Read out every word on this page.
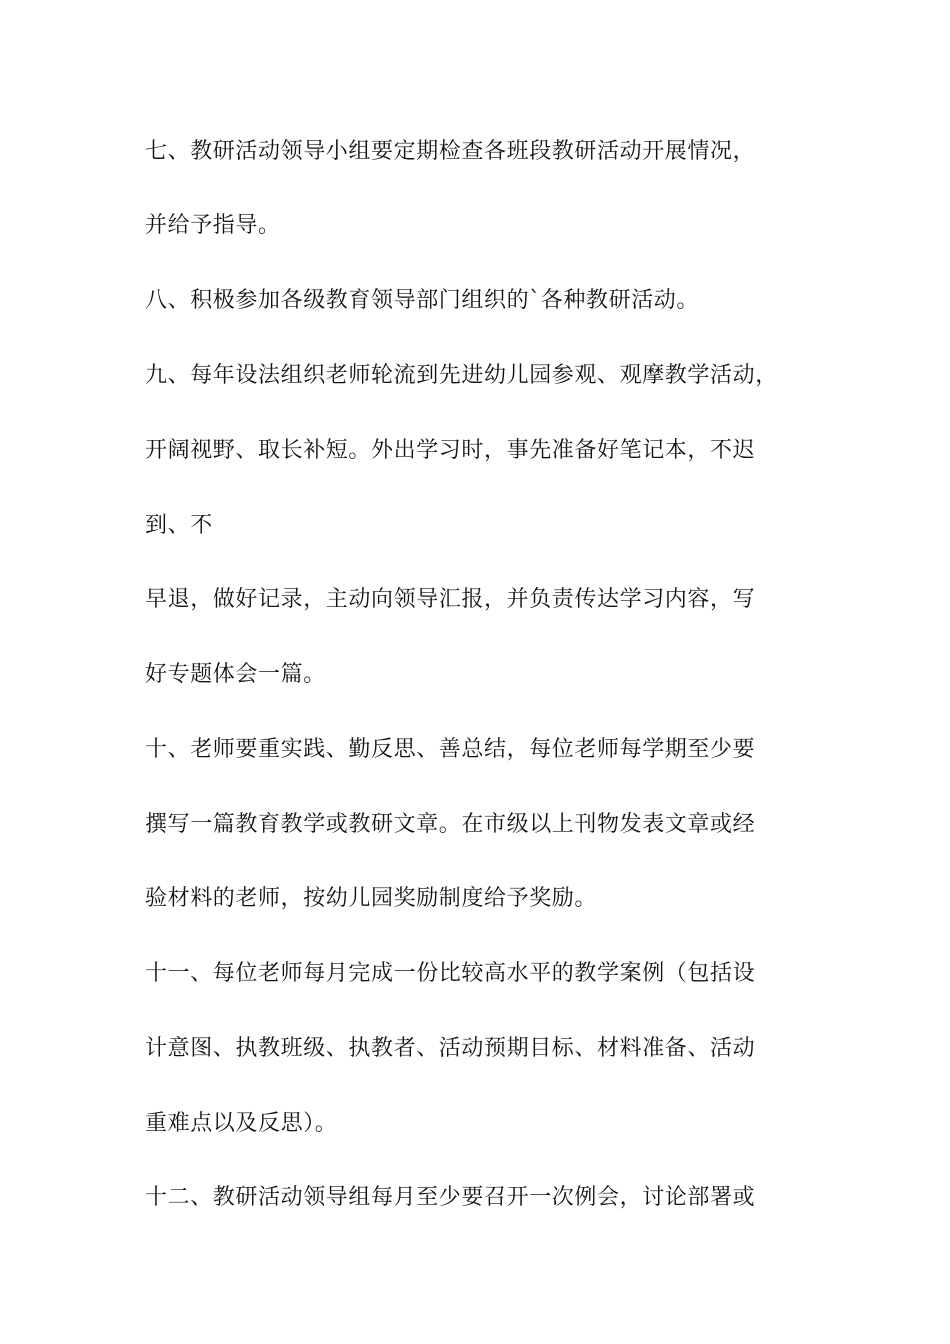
七、教研活动领导小组要定期检查各班段教研活动开展情况，

并给予指导。

八、积极参加各级教育领导部门组织的`各种教研活动。

九、每年设法组织老师轮流到先进幼儿园参观、观摩教学活动，

开阔视野、取长补短。外出学习时，事先准备好笔记本，不迟

到、不

早退，做好记录，主动向领导汇报，并负责传达学习内容，写

好专题体会一篇。

十、老师要重实践、勤反思、善总结，每位老师每学期至少要

撰写一篇教育教学或教研文章。在市级以上刊物发表文章或经

验材料的老师，按幼儿园奖励制度给予奖励。

十一、每位老师每月完成一份比较高水平的教学案例（包括设

计意图、执教班级、执教者、活动预期目标、材料准备、活动

重难点以及反思）。

十二、教研活动领导组每月至少要召开一次例会，讨论部署或
